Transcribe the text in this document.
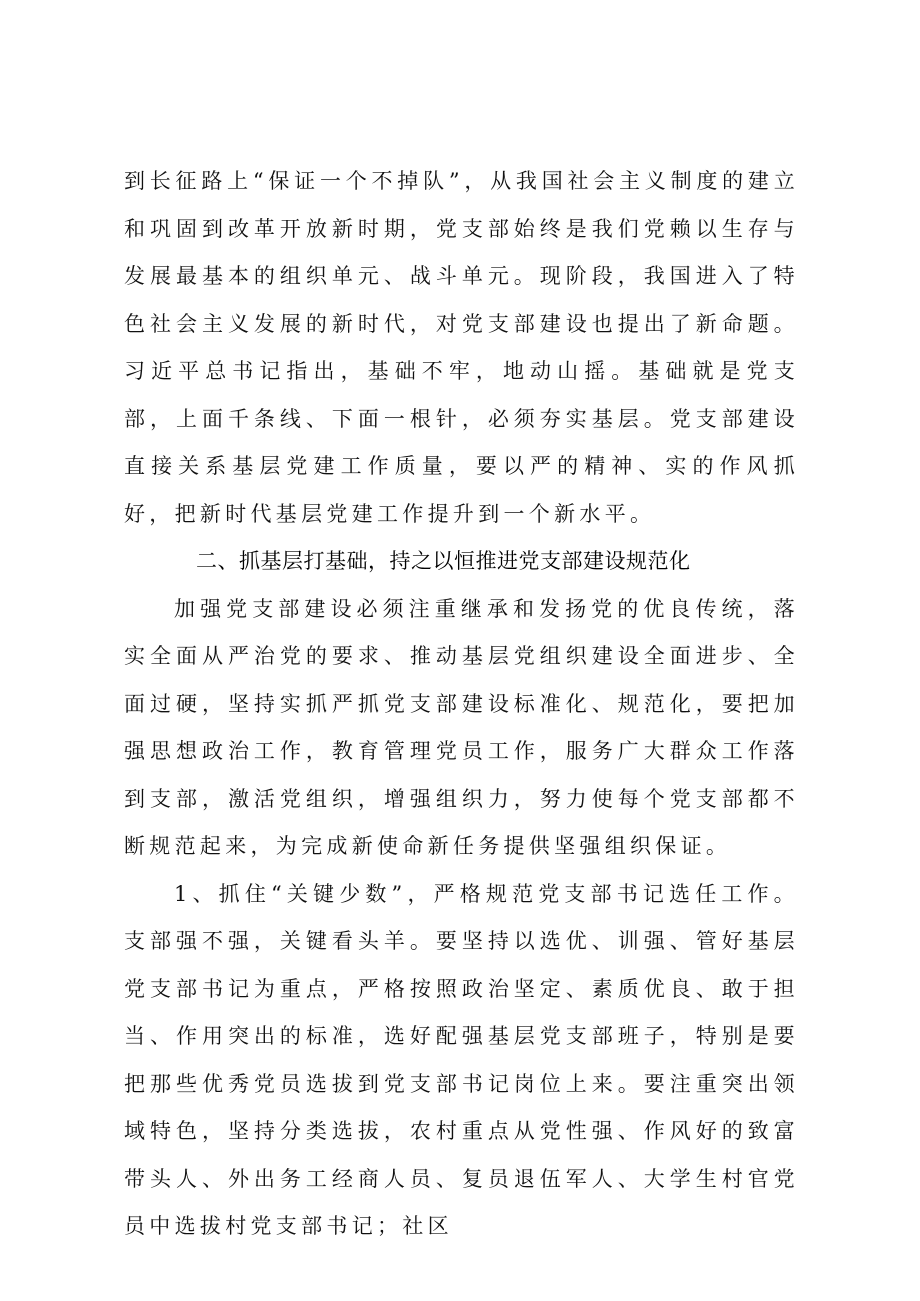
到长征路上“保证一个不掉队”，从我国社会主义制度的建立和巩固到改革开放新时期，党支部始终是我们党赖以生存与发展最基本的组织单元、战斗单元。现阶段，我国进入了特色社会主义发展的新时代，对党支部建设也提出了新命题。习近平总书记指出，基础不牢，地动山摇。基础就是党支部，上面千条线、下面一根针，必须夯实基层。党支部建设直接关系基层党建工作质量，要以严的精神、实的作风抓好，把新时代基层党建工作提升到一个新水平。

二、抓基层打基础，持之以恒推进党支部建设规范化

加强党支部建设必须注重继承和发扬党的优良传统，落实全面从严治党的要求、推动基层党组织建设全面进步、全面过硬，坚持实抓严抓党支部建设标准化、规范化，要把加强思想政治工作，教育管理党员工作，服务广大群众工作落到支部，激活党组织，增强组织力，努力使每个党支部都不断规范起来，为完成新使命新任务提供坚强组织保证。

1、抓住“关键少数”，严格规范党支部书记选任工作。支部强不强，关键看头羊。要坚持以选优、训强、管好基层党支部书记为重点，严格按照政治坚定、素质优良、敢于担当、作用突出的标准，选好配强基层党支部班子，特别是要把那些优秀党员选拔到党支部书记岗位上来。要注重突出领域特色，坚持分类选拔，农村重点从党性强、作风好的致富带头人、外出务工经商人员、复员退伍军人、大学生村官党员中选拔村党支部书记；社区
